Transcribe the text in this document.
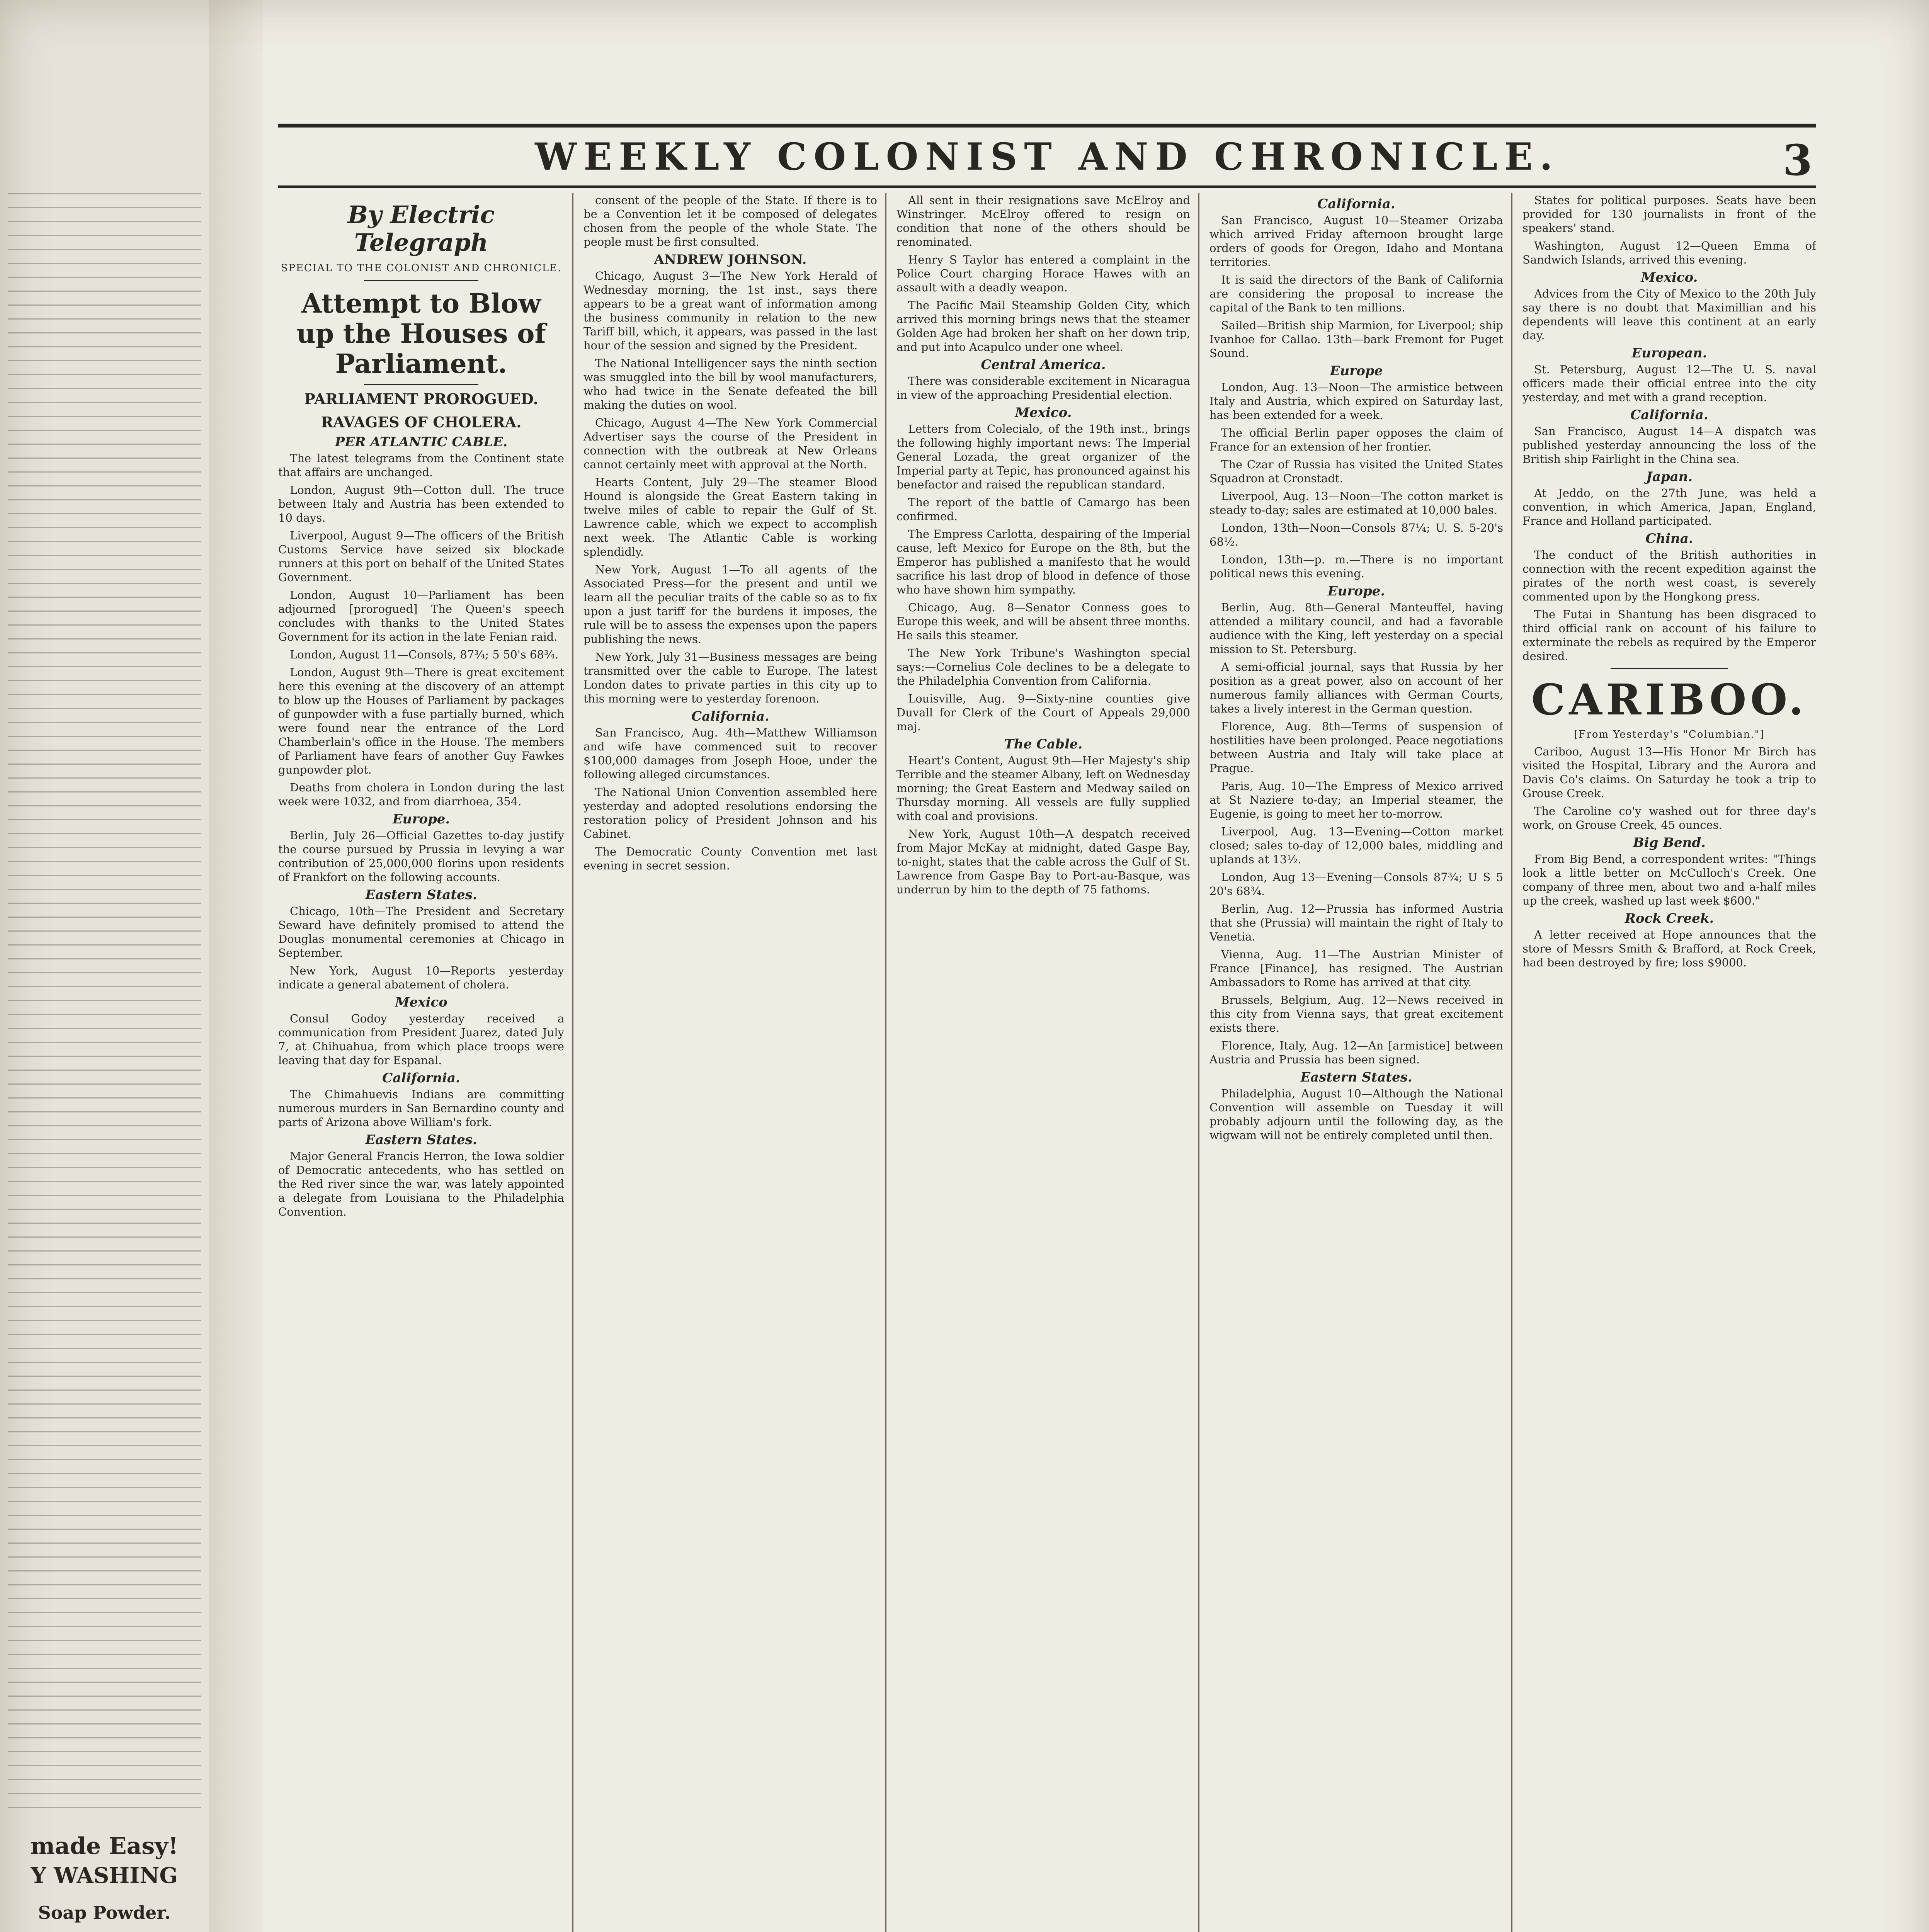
made Easy!
Y WASHING
Soap Powder.
WEEKLY COLONIST AND CHRONICLE.	3
By Electric Telegraph
SPECIAL TO THE COLONIST AND CHRONICLE.
Attempt to Blow up the Houses of Parliament.
PARLIAMENT PROROGUED.
RAVAGES OF CHOLERA.
PER ATLANTIC CABLE.

The latest telegrams from the Continent state that affairs are unchanged.

London, August 9th—Cotton dull. The truce between Italy and Austria has been extended to 10 days.

Liverpool, August 9—The officers of the British Customs Service have seized six blockade runners at this port on behalf of the United States Government.

London, August 10—Parliament has been adjourned [prorogued] The Queen's speech concludes with thanks to the United States Government for its action in the late Fenian raid.

London, August 11—Consols, 87¾; 5 50's 68¾.

London, August 9th—There is great excitement here this evening at the discovery of an attempt to blow up the Houses of Parliament by packages of gunpowder with a fuse partially burned, which were found near the entrance of the Lord Chamberlain's office in the House. The members of Parliament have fears of another Guy Fawkes gunpowder plot.

Deaths from cholera in London during the last week were 1032, and from diarrhoea, 354.

Europe.

Berlin, July 26—Official Gazettes to-day justify the course pursued by Prussia in levying a war contribution of 25,000,000 florins upon residents of Frankfort on the following accounts.

Eastern States.

Chicago, 10th—The President and Secretary Seward have definitely promised to attend the Douglas monumental ceremonies at Chicago in September.

New York, August 10—Reports yesterday indicate a general abatement of cholera.

Mexico

Consul Godoy yesterday received a communication from President Juarez, dated July 7, at Chihuahua, from which place troops were leaving that day for Espanal.

California.

The Chimahuevis Indians are committing numerous murders in San Bernardino county and parts of Arizona above William's fork.

Eastern States.

Major General Francis Herron, the Iowa soldier of Democratic antecedents, who has settled on the Red river since the war, was lately appointed a delegate from Louisiana to the Philadelphia Convention.

consent of the people of the State. If there is to be a Convention let it be composed of delegates chosen from the people of the whole State. The people must be first consulted.

ANDREW JOHNSON.

Chicago, August 3—The New York Herald of Wednesday morning, the 1st inst., says there appears to be a great want of information among the business community in relation to the new Tariff bill, which, it appears, was passed in the last hour of the session and signed by the President.

The National Intelligencer says the ninth section was smuggled into the bill by wool manufacturers, who had twice in the Senate defeated the bill making the duties on wool.

Chicago, August 4—The New York Commercial Advertiser says the course of the President in connection with the outbreak at New Orleans cannot certainly meet with approval at the North.

Hearts Content, July 29—The steamer Blood Hound is alongside the Great Eastern taking in twelve miles of cable to repair the Gulf of St. Lawrence cable, which we expect to accomplish next week. The Atlantic Cable is working splendidly.

New York, August 1—To all agents of the Associated Press—for the present and until we learn all the peculiar traits of the cable so as to fix upon a just tariff for the burdens it imposes, the rule will be to assess the expenses upon the papers publishing the news.

New York, July 31—Business messages are being transmitted over the cable to Europe. The latest London dates to private parties in this city up to this morning were to yesterday forenoon.

California.

San Francisco, Aug. 4th—Matthew Williamson and wife have commenced suit to recover $100,000 damages from Joseph Hooe, under the following alleged circumstances.

The National Union Convention assembled here yesterday and adopted resolutions endorsing the restoration policy of President Johnson and his Cabinet.

The Democratic County Convention met last evening in secret session.

All sent in their resignations save McElroy and Winstringer. McElroy offered to resign on condition that none of the others should be renominated.

Henry S Taylor has entered a complaint in the Police Court charging Horace Hawes with an assault with a deadly weapon.

The Pacific Mail Steamship Golden City, which arrived this morning brings news that the steamer Golden Age had broken her shaft on her down trip, and put into Acapulco under one wheel.

Central America.

There was considerable excitement in Nicaragua in view of the approaching Presidential election.

Mexico.

Letters from Colecialo, of the 19th inst., brings the following highly important news: The Imperial General Lozada, the great organizer of the Imperial party at Tepic, has pronounced against his benefactor and raised the republican standard.

The report of the battle of Camargo has been confirmed.

The Empress Carlotta, despairing of the Imperial cause, left Mexico for Europe on the 8th, but the Emperor has published a manifesto that he would sacrifice his last drop of blood in defence of those who have shown him sympathy.

Chicago, Aug. 8—Senator Conness goes to Europe this week, and will be absent three months. He sails this steamer.

The New York Tribune's Washington special says:—Cornelius Cole declines to be a delegate to the Philadelphia Convention from California.

Louisville, Aug. 9—Sixty-nine counties give Duvall for Clerk of the Court of Appeals 29,000 maj.

The Cable.

Heart's Content, August 9th—Her Majesty's ship Terrible and the steamer Albany, left on Wednesday morning; the Great Eastern and Medway sailed on Thursday morning. All vessels are fully supplied with coal and provisions.

New York, August 10th—A despatch received from Major McKay at midnight, dated Gaspe Bay, to-night, states that the cable across the Gulf of St. Lawrence from Gaspe Bay to Port-au-Basque, was underrun by him to the depth of 75 fathoms.

California.

San Francisco, August 10—Steamer Orizaba which arrived Friday afternoon brought large orders of goods for Oregon, Idaho and Montana territories.

It is said the directors of the Bank of California are considering the proposal to increase the capital of the Bank to ten millions.

Sailed—British ship Marmion, for Liverpool; ship Ivanhoe for Callao. 13th—bark Fremont for Puget Sound.

Europe

London, Aug. 13—Noon—The armistice between Italy and Austria, which expired on Saturday last, has been extended for a week.

The official Berlin paper opposes the claim of France for an extension of her frontier.

The Czar of Russia has visited the United States Squadron at Cronstadt.

Liverpool, Aug. 13—Noon—The cotton market is steady to-day; sales are estimated at 10,000 bales.

London, 13th—Noon—Consols 87¼; U. S. 5-20's 68½.

London, 13th—p. m.—There is no important political news this evening.

Europe.

Berlin, Aug. 8th—General Manteuffel, having attended a military council, and had a favorable audience with the King, left yesterday on a special mission to St. Petersburg.

A semi-official journal, says that Russia by her position as a great power, also on account of her numerous family alliances with German Courts, takes a lively interest in the German question.

Florence, Aug. 8th—Terms of suspension of hostilities have been prolonged. Peace negotiations between Austria and Italy will take place at Prague.

Paris, Aug. 10—The Empress of Mexico arrived at St Naziere to-day; an Imperial steamer, the Eugenie, is going to meet her to-morrow.

Liverpool, Aug. 13—Evening—Cotton market closed; sales to-day of 12,000 bales, middling and uplands at 13½.

London, Aug 13—Evening—Consols 87¾; U S 5 20's 68¾.

Berlin, Aug. 12—Prussia has informed Austria that she (Prussia) will maintain the right of Italy to Venetia.

Vienna, Aug. 11—The Austrian Minister of France [Finance], has resigned. The Austrian Ambassadors to Rome has arrived at that city.

Brussels, Belgium, Aug. 12—News received in this city from Vienna says, that great excitement exists there.

Florence, Italy, Aug. 12—An [armistice] between Austria and Prussia has been signed.

Eastern States.

Philadelphia, August 10—Although the National Convention will assemble on Tuesday it will probably adjourn until the following day, as the wigwam will not be entirely completed until then.

States for political purposes. Seats have been provided for 130 journalists in front of the speakers' stand.

Washington, August 12—Queen Emma of Sandwich Islands, arrived this evening.

Mexico.

Advices from the City of Mexico to the 20th July say there is no doubt that Maximillian and his dependents will leave this continent at an early day.

European.

St. Petersburg, August 12—The U. S. naval officers made their official entree into the city yesterday, and met with a grand reception.

California.

San Francisco, August 14—A dispatch was published yesterday announcing the loss of the British ship Fairlight in the China sea.

Japan.

At Jeddo, on the 27th June, was held a convention, in which America, Japan, England, France and Holland participated.

China.

The conduct of the British authorities in connection with the recent expedition against the pirates of the north west coast, is severely commented upon by the Hongkong press.

The Futai in Shantung has been disgraced to third official rank on account of his failure to exterminate the rebels as required by the Emperor desired.

CARIBOO.
[From Yesterday's "Columbian."]

Cariboo, August 13—His Honor Mr Birch has visited the Hospital, Library and the Aurora and Davis Co's claims. On Saturday he took a trip to Grouse Creek.

The Caroline co'y washed out for three day's work, on Grouse Creek, 45 ounces.

Big Bend.

From Big Bend, a correspondent writes: "Things look a little better on McCulloch's Creek. One company of three men, about two and a-half miles up the creek, washed up last week $600."

Rock Creek.

A letter received at Hope announces that the store of Messrs Smith & Brafford, at Rock Creek, had been destroyed by fire; loss $9000.
